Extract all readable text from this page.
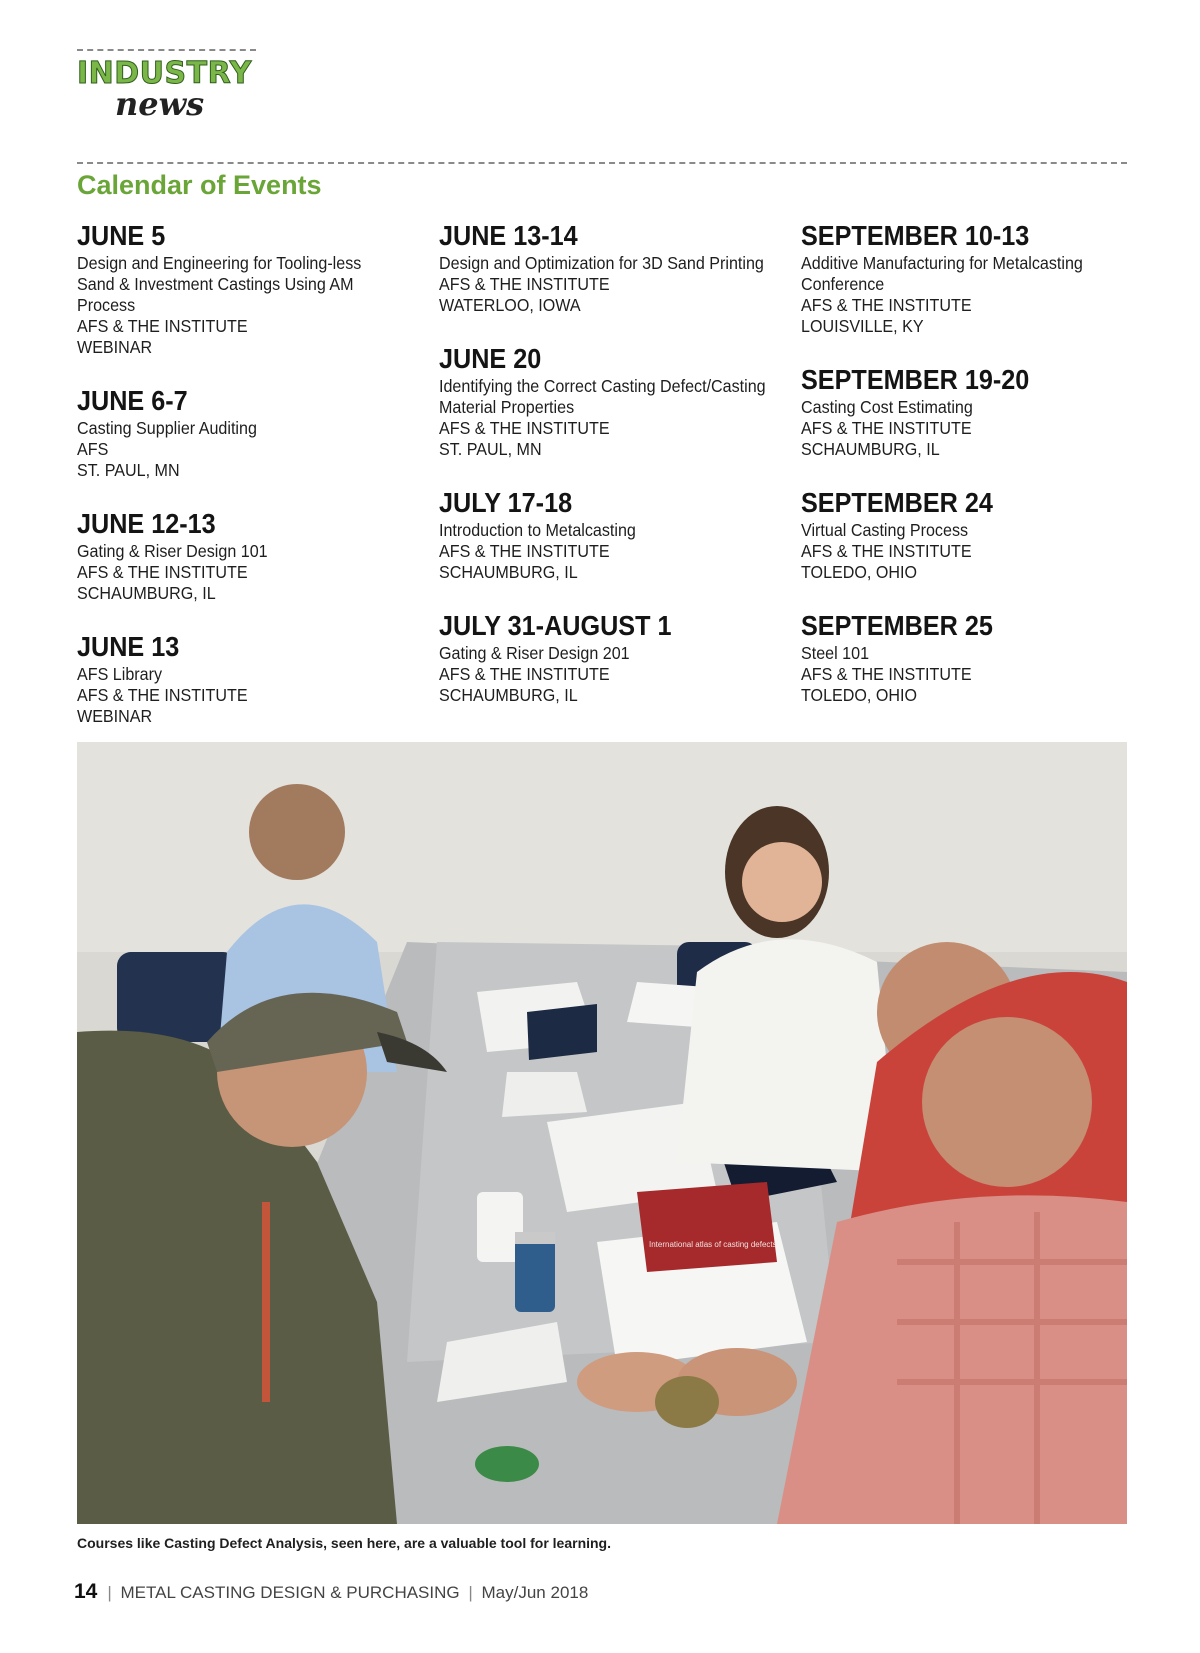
INDUSTRY
news
Calendar of Events
JUNE 5
Design and Engineering for Tooling-less
Sand & Investment Castings Using AM
Process
AFS & THE INSTITUTE
WEBINAR
JUNE 6-7
Casting Supplier Auditing
AFS
ST. PAUL, MN
JUNE 12-13
Gating & Riser Design 101
AFS & THE INSTITUTE
SCHAUMBURG, IL
JUNE 13
AFS Library
AFS & THE INSTITUTE
WEBINAR
JUNE 13-14
Design and Optimization for 3D Sand Printing
AFS & THE INSTITUTE
WATERLOO, IOWA
JUNE 20
Identifying the Correct Casting Defect/Casting
Material Properties
AFS & THE INSTITUTE
ST. PAUL, MN
JULY 17-18
Introduction to Metalcasting
AFS & THE INSTITUTE
SCHAUMBURG, IL
JULY 31-AUGUST 1
Gating & Riser Design 201
AFS & THE INSTITUTE
SCHAUMBURG, IL
SEPTEMBER 10-13
Additive Manufacturing for Metalcasting
Conference
AFS & THE INSTITUTE
LOUISVILLE, KY
SEPTEMBER 19-20
Casting Cost Estimating
AFS & THE INSTITUTE
SCHAUMBURG, IL
SEPTEMBER 24
Virtual Casting Process
AFS & THE INSTITUTE
TOLEDO, OHIO
SEPTEMBER 25
Steel 101
AFS & THE INSTITUTE
TOLEDO, OHIO
International atlas of casting defects
Courses like Casting Defect Analysis, seen here, are a valuable tool for learning.
14 | METAL CASTING DESIGN & PURCHASING | May/Jun 2018
